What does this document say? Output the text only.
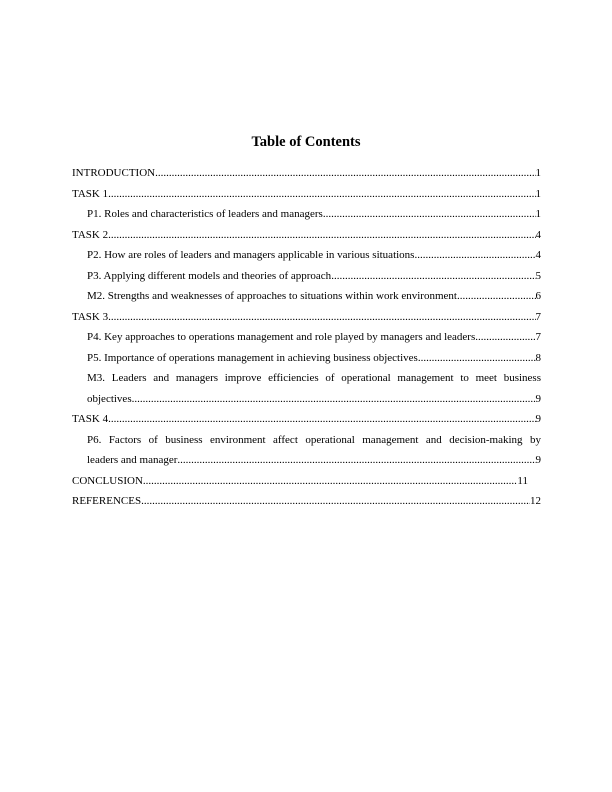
Table of Contents
INTRODUCTION .....	1
TASK 1 .....	1
P1. Roles and characteristics of leaders and managers .....	1
TASK 2 .....	4
P2. How are roles of leaders and managers applicable in various situations .....	4
P3. Applying different models and theories of approach .....	5
M2. Strengths and weaknesses of approaches to situations within work environment .....	6
TASK 3 .....	7
P4. Key approaches to operations management and role played by managers and leaders .....	7
P5. Importance of operations management in achieving business objectives .....	8
M3. Leaders and managers improve efficiencies of operational management to meet business
objectives .....	9
TASK 4 .....	9
P6. Factors of business environment affect operational management and decision-making by
leaders and manager .....	9
CONCLUSION .....	11
REFERENCES .....	12
